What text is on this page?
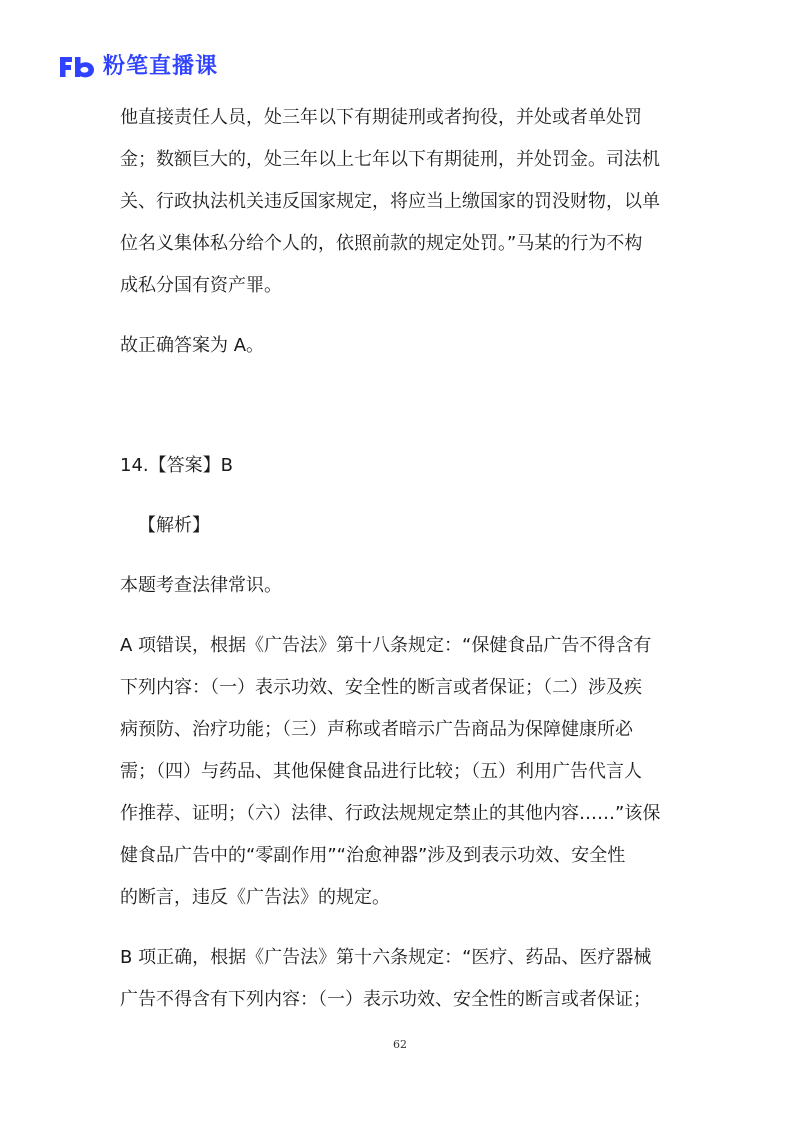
粉笔直播课
他直接责任人员，处三年以下有期徒刑或者拘役，并处或者单处罚
金；数额巨大的，处三年以上七年以下有期徒刑，并处罚金。司法机
关、行政执法机关违反国家规定，将应当上缴国家的罚没财物，以单
位名义集体私分给个人的，依照前款的规定处罚。”马某的行为不构
成私分国有资产罪。
故正确答案为 A。
14.【答案】B
【解析】
本题考查法律常识。
A 项错误，根据《广告法》第十八条规定：“保健食品广告不得含有
下列内容：（一）表示功效、安全性的断言或者保证；（二）涉及疾
病预防、治疗功能；（三）声称或者暗示广告商品为保障健康所必
需；（四）与药品、其他保健食品进行比较；（五）利用广告代言人
作推荐、证明；（六）法律、行政法规规定禁止的其他内容……”该保
健食品广告中的“零副作用”“治愈神器”涉及到表示功效、安全性
的断言，违反《广告法》的规定。
B 项正确，根据《广告法》第十六条规定：“医疗、药品、医疗器械
广告不得含有下列内容：（一）表示功效、安全性的断言或者保证；
62
